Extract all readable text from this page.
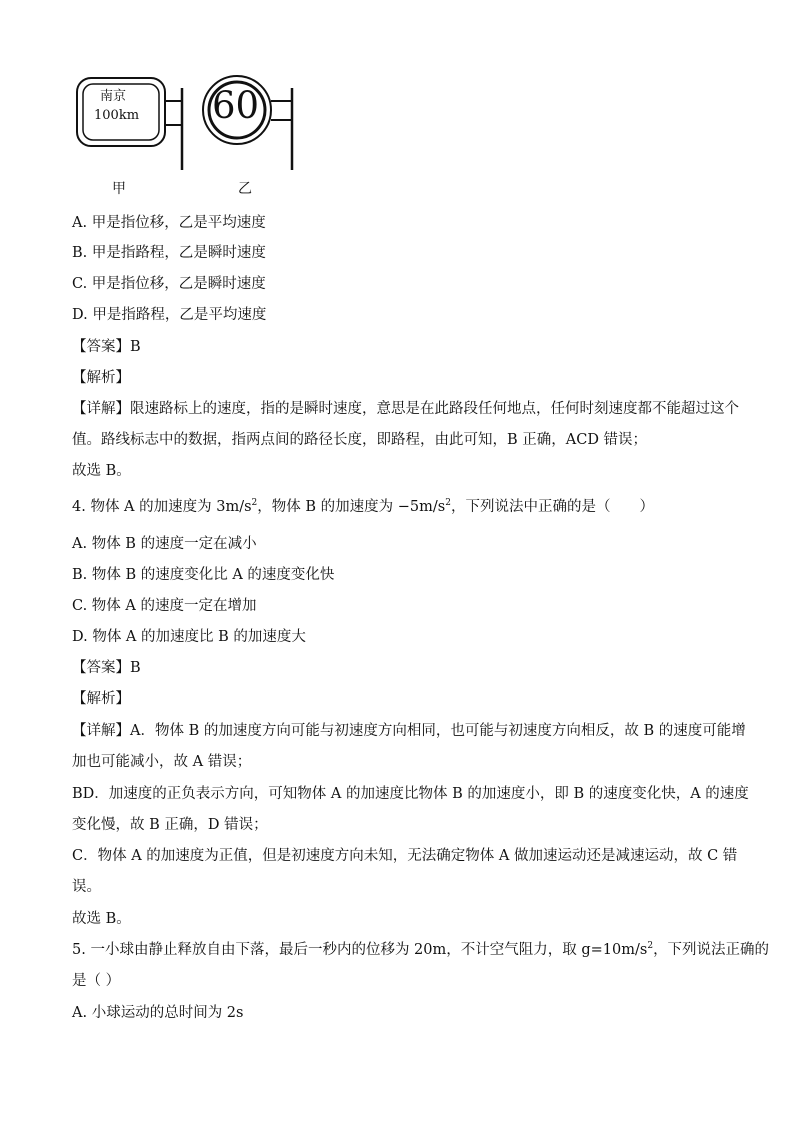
南京
100km 60
甲	乙
A. 甲是指位移，乙是平均速度
B. 甲是指路程，乙是瞬时速度
C. 甲是指位移，乙是瞬时速度
D. 甲是指路程，乙是平均速度
【答案】B
【解析】
【详解】限速路标上的速度，指的是瞬时速度，意思是在此路段任何地点，任何时刻速度都不能超过这个
值。路线标志中的数据，指两点间的路径长度，即路程，由此可知，B 正确，ACD 错误；
故选 B。
4. 物体 A 的加速度为 $3m/s^2$，物体 B 的加速度为 $-5m/s^2$，下列说法中正确的是（　　）
A. 物体 B 的速度一定在减小
B. 物体 B 的速度变化比 A 的速度变化快
C. 物体 A 的速度一定在增加
D. 物体 A 的加速度比 B 的加速度大
【答案】B
【解析】
【详解】A．物体 B 的加速度方向可能与初速度方向相同，也可能与初速度方向相反，故 B 的速度可能增
加也可能减小，故 A 错误；
BD．加速度的正负表示方向，可知物体 A 的加速度比物体 B 的加速度小，即 B 的速度变化快，A 的速度
变化慢，故 B 正确，D 错误；
C．物体 A 的加速度为正值，但是初速度方向未知，无法确定物体 A 做加速运动还是减速运动，故 C 错
误。
故选 B。
5. 一小球由静止释放自由下落，最后一秒内的位移为 20m，不计空气阻力，取 $g=10m/s^2$，下列说法正确的
是（ ）
A. 小球运动的总时间为 2s
